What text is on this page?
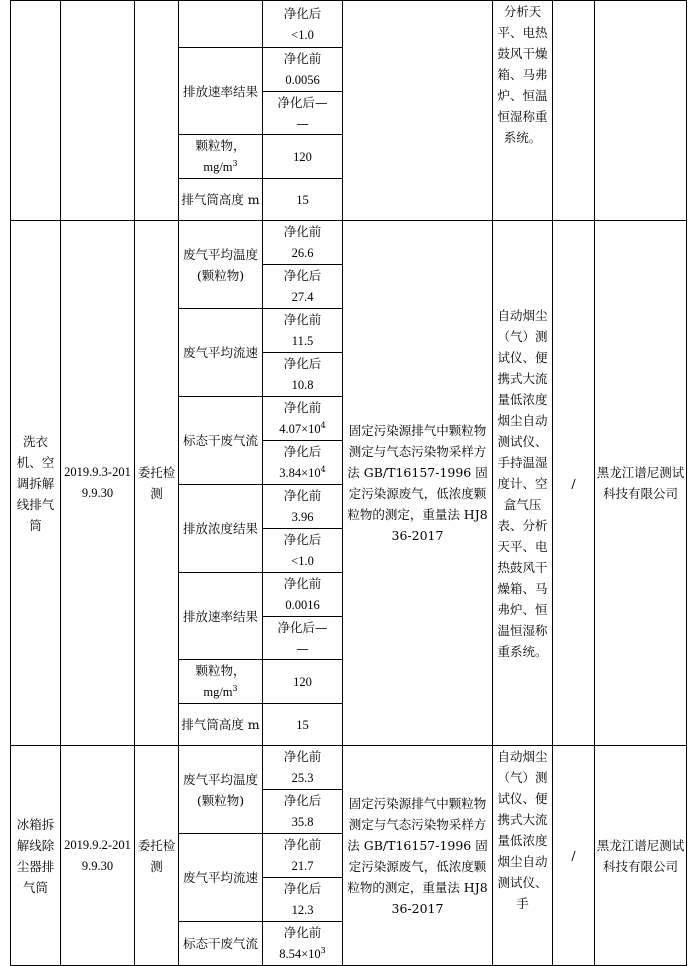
				净化后
<1.0		分析天平、电热鼓风干燥箱、马弗炉、恒温恒湿称重系统。		
			排放速率结果	净化前
0.0056				
				净化后—
—				
			颗粒物，
$mg/m^3$	120				
			排气筒高度 m	15				
洗衣机、空调拆解线排气筒	2019.9.3-2019.9.30	委托检测	废气平均温度(颗粒物)	净化前
26.6	固定污染源排气中颗粒物测定与气态污染物采样方法 GB/T16157-1996 固定污染源废气，低浓度颗粒物的测定，重量法 HJ836-2017	自动烟尘（气）测试仪、便携式大流量低浓度烟尘自动测试仪、手持温湿度计、空盒气压表、分析天平、电热鼓风干燥箱、马弗炉、恒温恒湿称重系统。	/	黑龙江谱尼测试科技有限公司
				净化后
27.4				
			废气平均流速	净化前
11.5				
				净化后
10.8				
			标态干废气流	净化前
$4.07\times 10^4$
				净化后
$3.84\times 10^4$
			排放浓度结果	净化前
3.96				
				净化后
<1.0				
			排放速率结果	净化前
0.0016				
				净化后—
—				
			颗粒物，
$mg/m^3$	120				
			排气筒高度 m	15				
冰箱拆解线除尘器排气筒	2019.9.2-2019.9.30	委托检测	废气平均温度(颗粒物)	净化前
25.3	固定污染源排气中颗粒物测定与气态污染物采样方法 GB/T16157-1996 固定污染源废气，低浓度颗粒物的测定，重量法 HJ836-2017	自动烟尘（气）测试仪、便携式大流量低浓度烟尘自动测试仪、手	/	黑龙江谱尼测试科技有限公司
				净化后
35.8				
			废气平均流速	净化前
21.7				
				净化后
12.3				
			标态干废气流	净化前
$8.54\times 10^3$
